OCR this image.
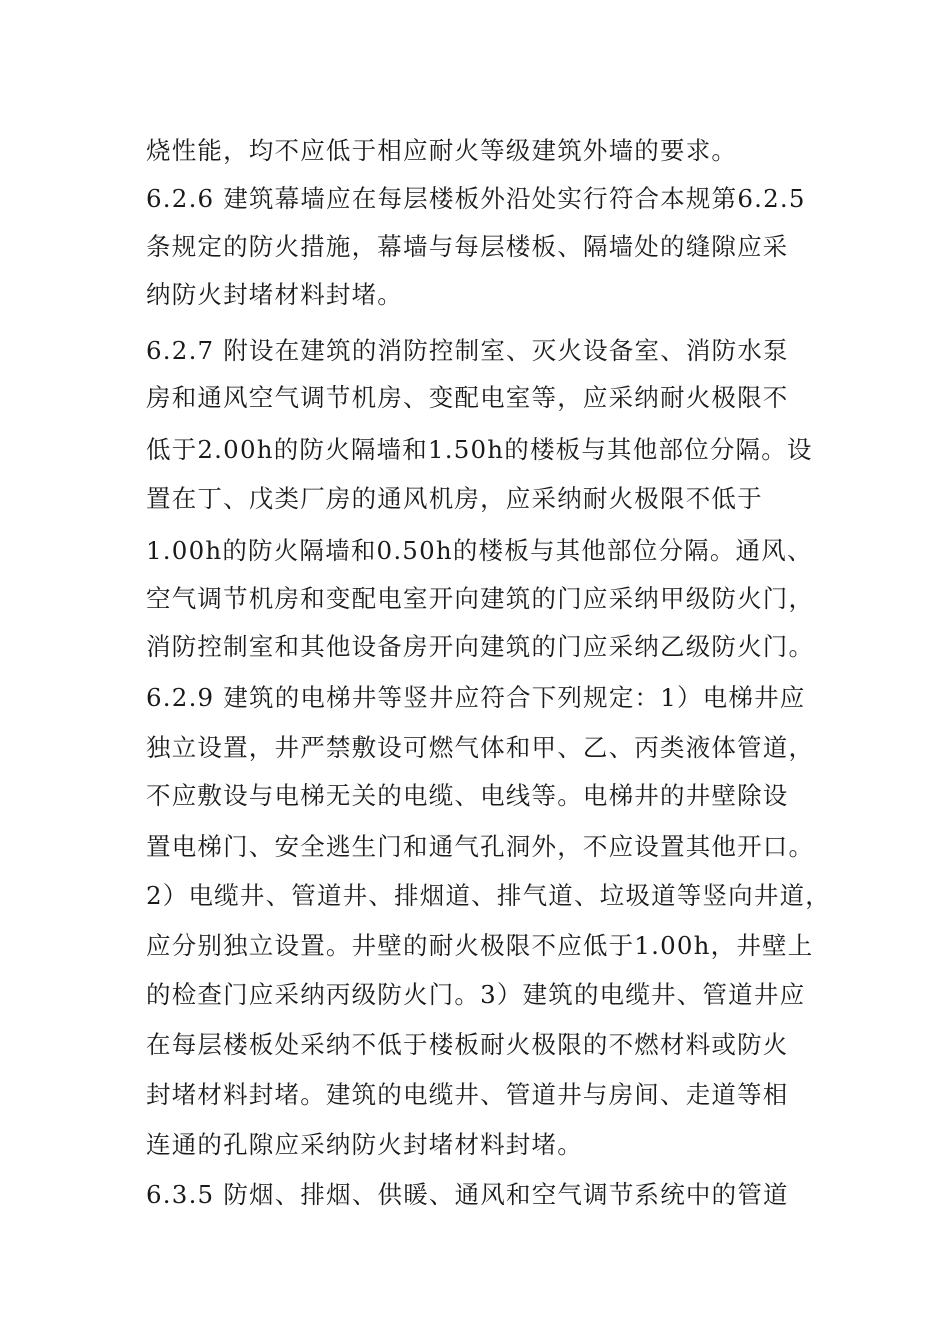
烧性能，均不应低于相应耐火等级建筑外墙的要求。
6.2.6 建筑幕墙应在每层楼板外沿处实行符合本规第6.2.5
条规定的防火措施，幕墙与每层楼板、隔墙处的缝隙应采
纳防火封堵材料封堵。
6.2.7 附设在建筑的消防控制室、灭火设备室、消防水泵
房和通风空气调节机房、变配电室等，应采纳耐火极限不
低于2.00h的防火隔墙和1.50h的楼板与其他部位分隔。设
置在丁、戊类厂房的通风机房，应采纳耐火极限不低于
1.00h的防火隔墙和0.50h的楼板与其他部位分隔。通风、
空气调节机房和变配电室开向建筑的门应采纳甲级防火门，
消防控制室和其他设备房开向建筑的门应采纳乙级防火门。
6.2.9 建筑的电梯井等竖井应符合下列规定：1）电梯井应
独立设置，井严禁敷设可燃气体和甲、乙、丙类液体管道，
不应敷设与电梯无关的电缆、电线等。电梯井的井壁除设
置电梯门、安全逃生门和通气孔洞外，不应设置其他开口。
2）电缆井、管道井、排烟道、排气道、垃圾道等竖向井道，
应分别独立设置。井壁的耐火极限不应低于1.00h，井壁上
的检查门应采纳丙级防火门。3）建筑的电缆井、管道井应
在每层楼板处采纳不低于楼板耐火极限的不燃材料或防火
封堵材料封堵。建筑的电缆井、管道井与房间、走道等相
连通的孔隙应采纳防火封堵材料封堵。
6.3.5 防烟、排烟、供暖、通风和空气调节系统中的管道
